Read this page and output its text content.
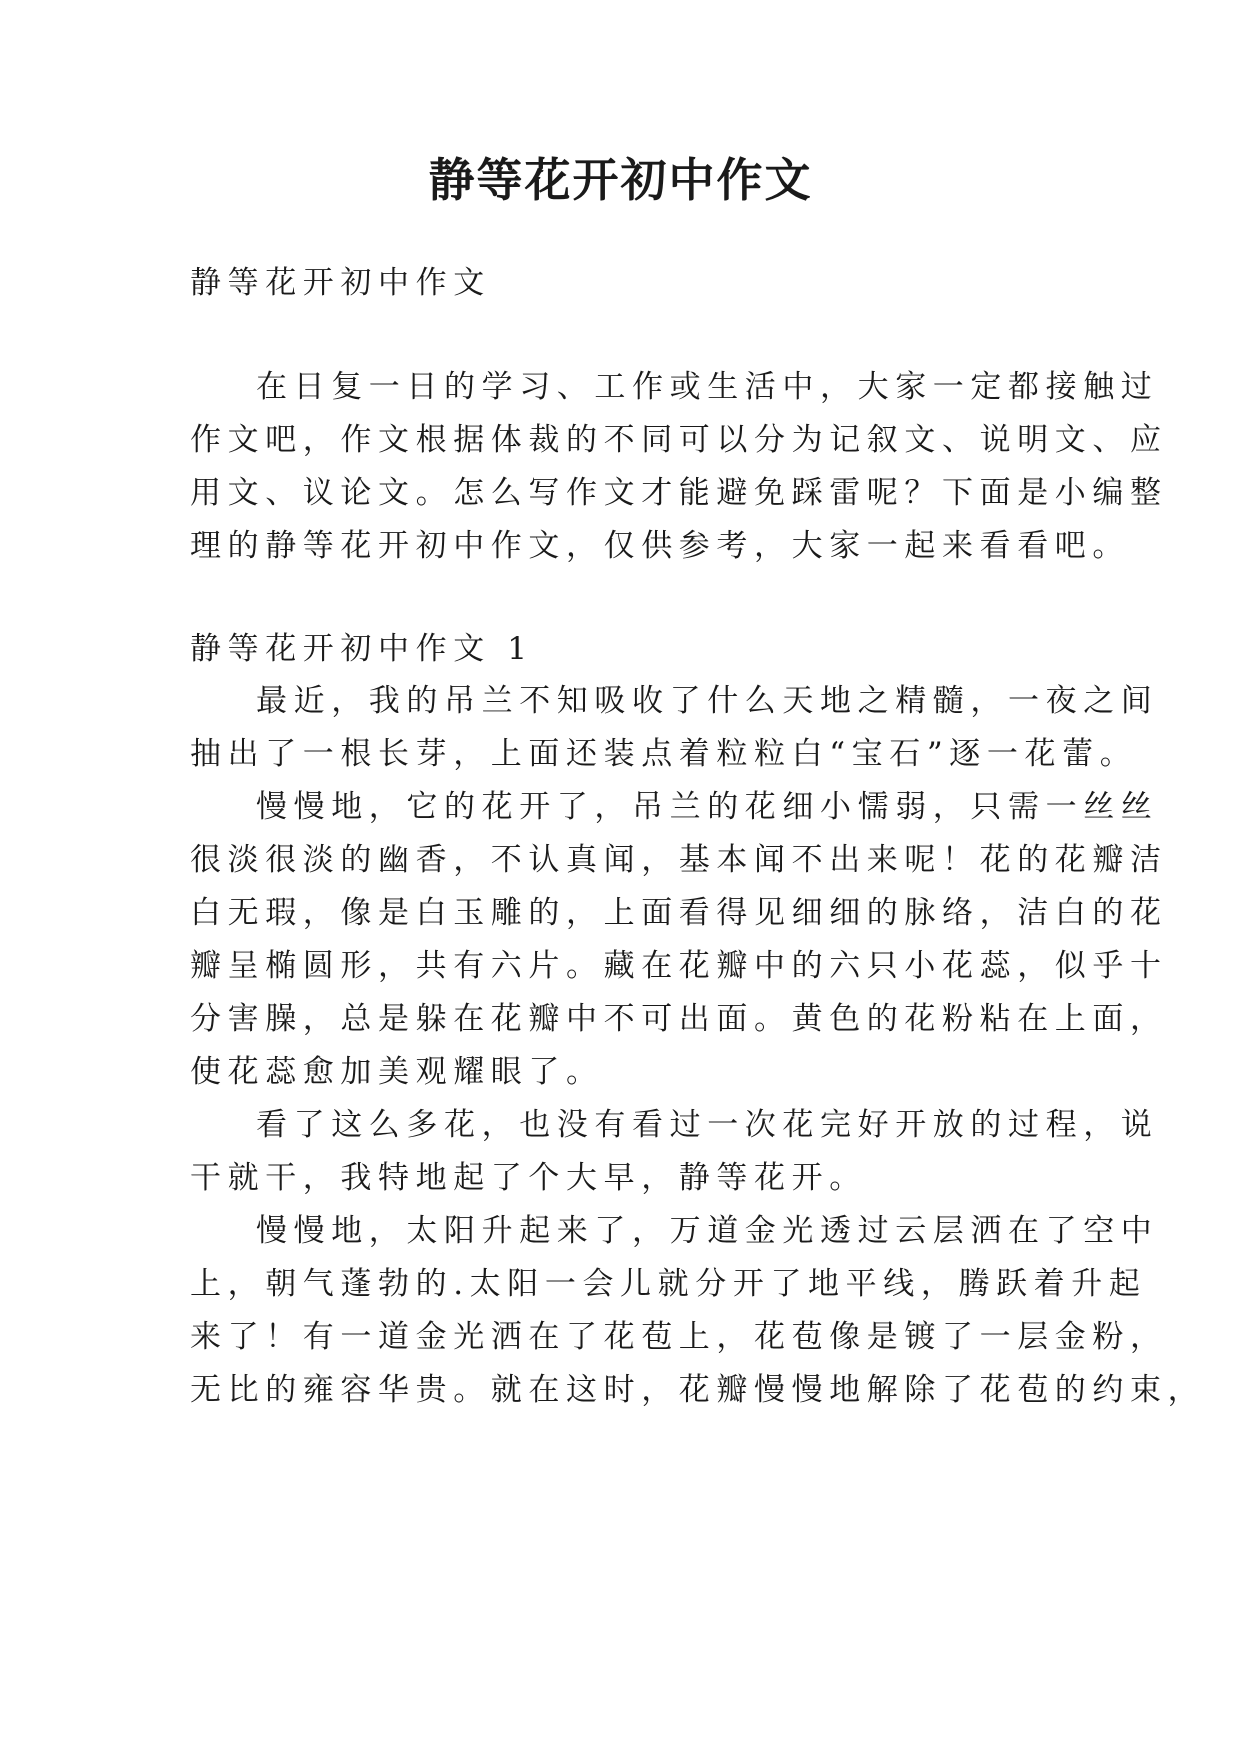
静等花开初中作文

静等花开初中作文

在日复一日的学习、工作或生活中，大家一定都接触过

作文吧，作文根据体裁的不同可以分为记叙文、说明文、应

用文、议论文。怎么写作文才能避免踩雷呢？下面是小编整

理的静等花开初中作文，仅供参考，大家一起来看看吧。

静等花开初中作文 1

最近，我的吊兰不知吸收了什么天地之精髓，一夜之间

抽出了一根长芽，上面还装点着粒粒白“宝石”逐一花蕾。

慢慢地，它的花开了，吊兰的花细小懦弱，只需一丝丝

很淡很淡的幽香，不认真闻，基本闻不出来呢！花的花瓣洁

白无瑕，像是白玉雕的，上面看得见细细的脉络，洁白的花

瓣呈椭圆形，共有六片。藏在花瓣中的六只小花蕊，似乎十

分害臊，总是躲在花瓣中不可出面。黄色的花粉粘在上面，

使花蕊愈加美观耀眼了。

看了这么多花，也没有看过一次花完好开放的过程，说

干就干，我特地起了个大早，静等花开。

慢慢地，太阳升起来了，万道金光透过云层洒在了空中

上，朝气蓬勃的.太阳一会儿就分开了地平线，腾跃着升起

来了！有一道金光洒在了花苞上，花苞像是镀了一层金粉，

无比的雍容华贵。就在这时，花瓣慢慢地解除了花苞的约束，
